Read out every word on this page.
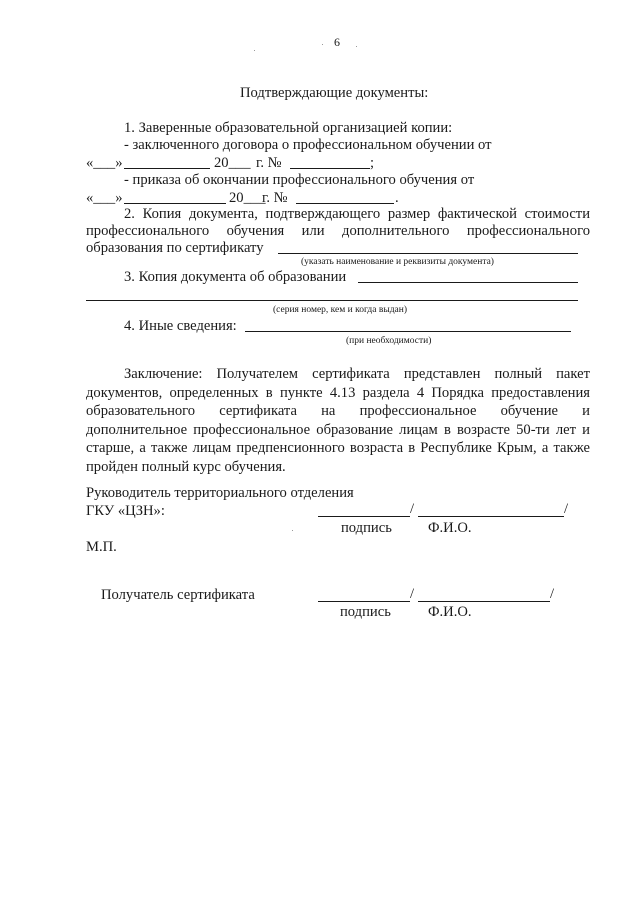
6
Подтверждающие документы:
1. Заверенные образовательной организацией копии:
- заключенного договора о профессиональном обучении от
«___»	20___ г. №	;
- приказа об окончании профессионального обучения от
«___»	20___
г. №	.
2. Копия документа, подтверждающего размер фактической стоимости
профессионального обучения или дополнительного профессионального
образования по сертификату
(указать наименование и реквизиты документа)
3. Копия документа об образовании
(серия номер, кем и когда выдан)
4. Иные сведения:
(при необходимости)
Заключение: Получателем сертификата представлен полный пакет документов, определенных в пункте 4.13 раздела 4 Порядка предоставления образовательного сертификата на профессиональное обучение и дополнительное профессиональное образование лицам в возрасте 50-ти лет и старше, а также лицам предпенсионного возраста в Республике Крым, а также пройден полный курс обучения.
Руководитель территориального отделения
ГКУ «ЦЗН»:	/	/
подпись Ф.И.О.
М.П.
Получатель сертификата	/	/
подпись	Ф.И.О.
